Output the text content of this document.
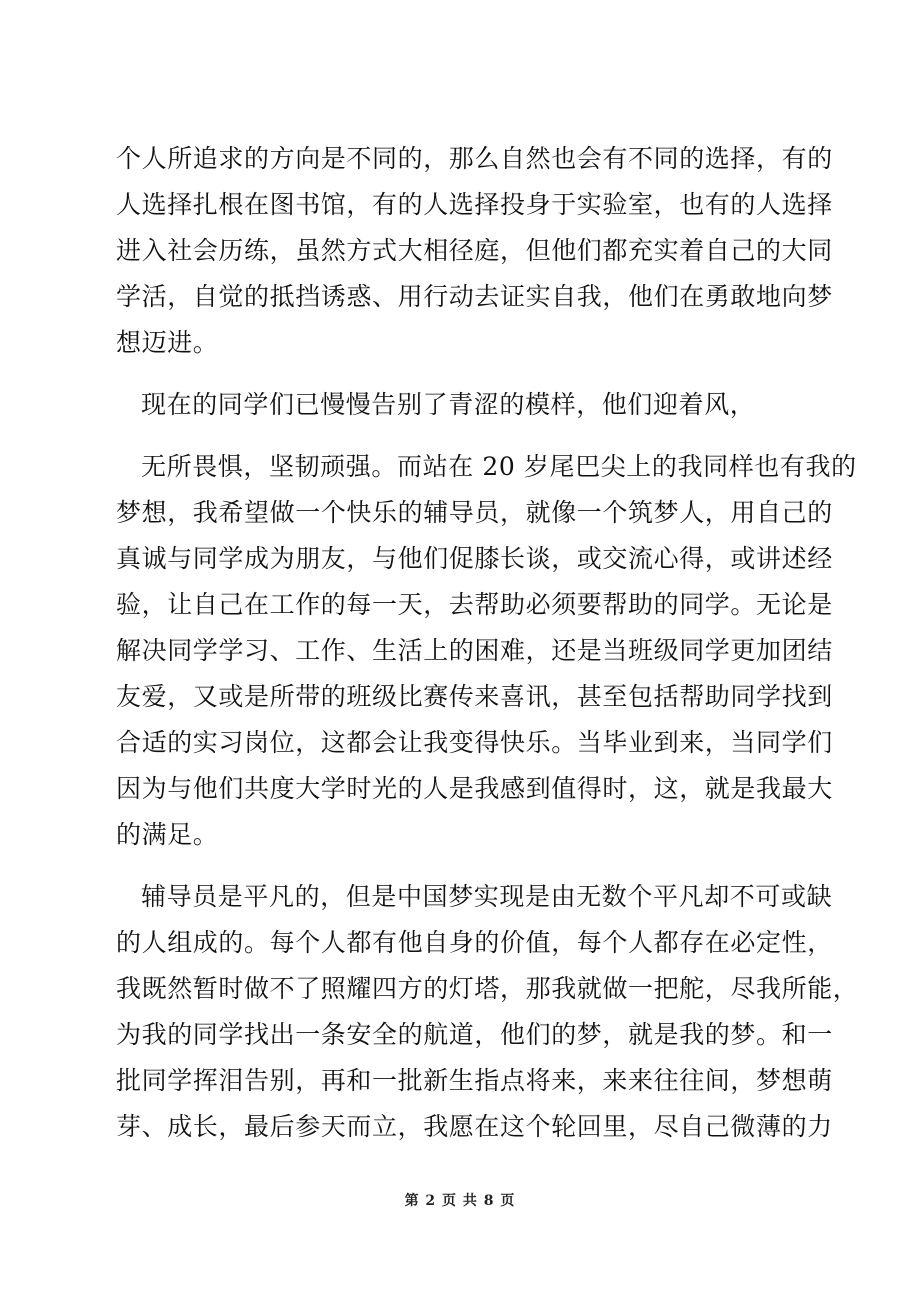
个人所追求的方向是不同的，那么自然也会有不同的选择，有的
人选择扎根在图书馆，有的人选择投身于实验室，也有的人选择
进入社会历练，虽然方式大相径庭，但他们都充实着自己的大同
学活，自觉的抵挡诱惑、用行动去证实自我，他们在勇敢地向梦
想迈进。
现在的同学们已慢慢告别了青涩的模样，他们迎着风，
无所畏惧，坚韧顽强。而站在 20 岁尾巴尖上的我同样也有我的
梦想，我希望做一个快乐的辅导员，就像一个筑梦人，用自己的
真诚与同学成为朋友，与他们促膝长谈，或交流心得，或讲述经
验，让自己在工作的每一天，去帮助必须要帮助的同学。无论是
解决同学学习、工作、生活上的困难，还是当班级同学更加团结
友爱，又或是所带的班级比赛传来喜讯，甚至包括帮助同学找到
合适的实习岗位，这都会让我变得快乐。当毕业到来，当同学们
因为与他们共度大学时光的人是我感到值得时，这，就是我最大
的满足。
辅导员是平凡的，但是中国梦实现是由无数个平凡却不可或缺
的人组成的。每个人都有他自身的价值，每个人都存在必定性，
我既然暂时做不了照耀四方的灯塔，那我就做一把舵，尽我所能，
为我的同学找出一条安全的航道，他们的梦，就是我的梦。和一
批同学挥泪告别，再和一批新生指点将来，来来往往间，梦想萌
芽、成长，最后参天而立，我愿在这个轮回里，尽自己微薄的力
第 2 页 共 8 页
